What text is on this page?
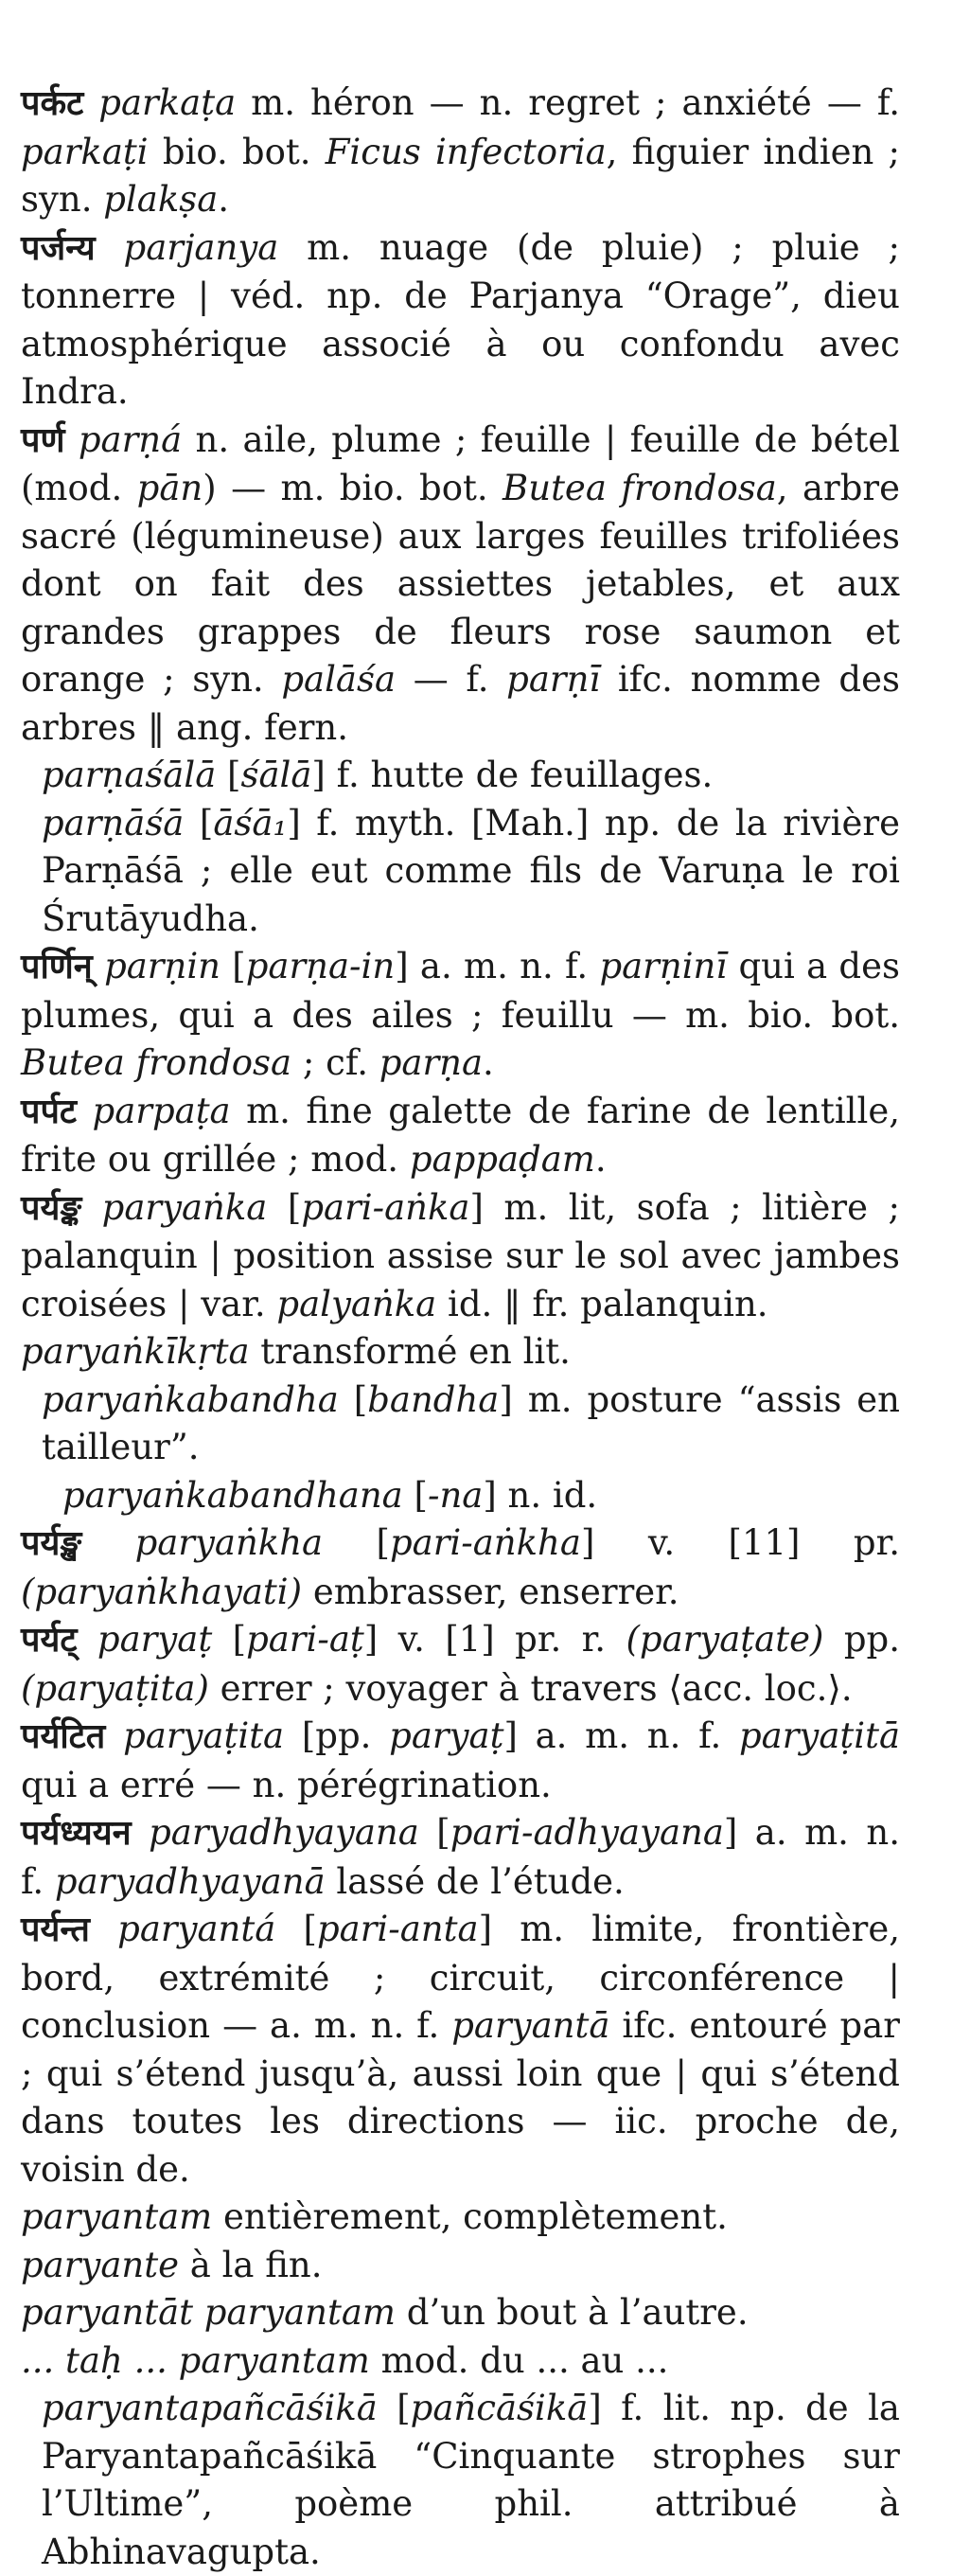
पर्कट parkaṭa m. héron — n. regret ; anxiété — f. parkaṭi bio. bot. Ficus infectoria, figuier indien ; syn. plakṣa.

पर्जन्य parjanya m. nuage (de pluie) ; pluie ; tonnerre | véd. np. de Parjanya “Orage”, dieu atmosphérique associé à ou confondu avec Indra.

पर्ण parṇá n. aile, plume ; feuille | feuille de bétel (mod. pān) — m. bio. bot. Butea frondosa, arbre sacré (légumineuse) aux larges feuilles trifoliées dont on fait des assiettes jetables, et aux grandes grappes de fleurs rose saumon et orange ; syn. palāśa — f. parṇī ifc. nomme des arbres ‖ ang. fern.

parṇaśālā [śālā] f. hutte de feuillages.

parṇāśā [āśā₁] f. myth. [Mah.] np. de la rivière Parṇāśā ; elle eut comme fils de Varuṇa le roi Śrutāyudha.

पर्णिन् parṇin [parṇa-in] a. m. n. f. parṇinī qui a des plumes, qui a des ailes ; feuillu — m. bio. bot. Butea frondosa ; cf. parṇa.

पर्पट parpaṭa m. fine galette de farine de lentille, frite ou grillée ; mod. pappaḍam.

पर्यङ्क paryaṅka [pari-aṅka] m. lit, sofa ; litière ; palanquin | position assise sur le sol avec jambes croisées | var. palyaṅka id. ‖ fr. palanquin.

paryaṅkīkṛta transformé en lit.

paryaṅkabandha [bandha] m. posture “assis en tailleur”.

paryaṅkabandhana [-na] n. id.

पर्यङ्ख paryaṅkha [pari-aṅkha] v. [11] pr. (paryaṅkhayati) embrasser, enserrer.

पर्यट् paryaṭ [pari-aṭ] v. [1] pr. r. (paryaṭate) pp. (paryaṭita) errer ; voyager à travers ⟨acc. loc.⟩.

पर्यटित paryaṭita [pp. paryaṭ] a. m. n. f. paryaṭitā qui a erré — n. pérégrination.

पर्यध्ययन paryadhyayana [pari-adhyayana] a. m. n. f. paryadhyayanā lassé de l’étude.

पर्यन्त paryantá [pari-anta] m. limite, frontière, bord, extrémité ; circuit, circonférence | conclusion — a. m. n. f. paryantā ifc. entouré par ; qui s’étend jusqu’à, aussi loin que | qui s’étend dans toutes les directions — iic. proche de, voisin de.

paryantam entièrement, complètement.

paryante à la fin.

paryantāt paryantam d’un bout à l’autre.

... taḥ ... paryantam mod. du ... au ...

paryantapañcāśikā [pañcāśikā] f. lit. np. de la Paryantapañcāśikā “Cinquante strophes sur l’Ultime”, poème phil. attribué à Abhinavagupta.
